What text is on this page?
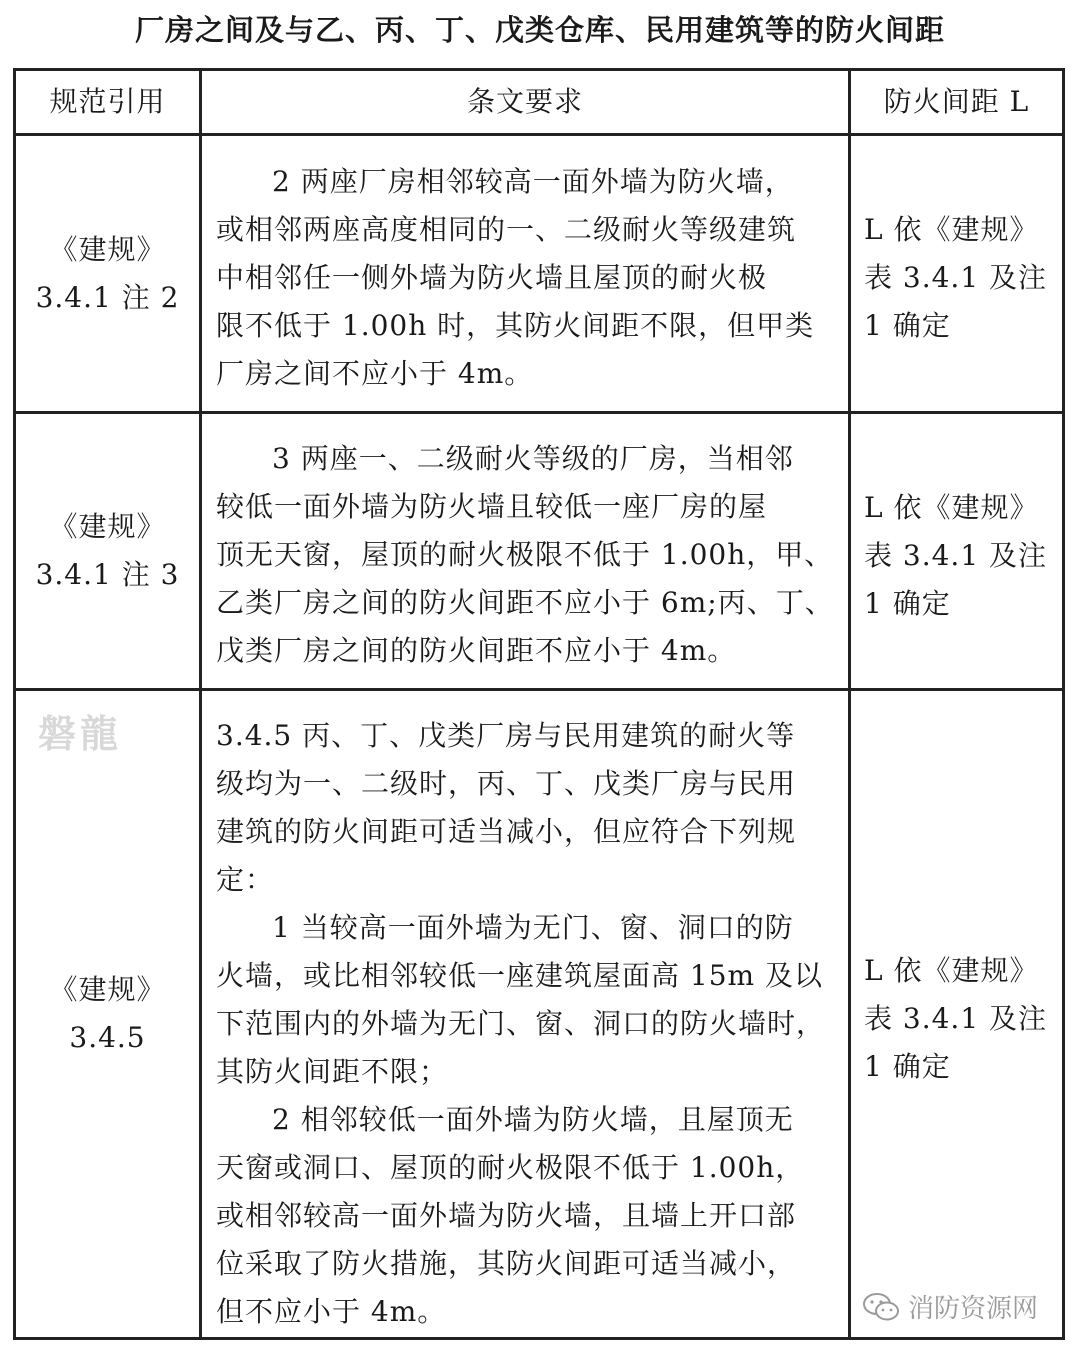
厂房之间及与乙、丙、丁、戊类仓库、民用建筑等的防火间距
规范引用	条文要求	防火间距 L
《建规》
3.4.1 注 2

2 两座厂房相邻较高一面外墙为防火墙，

或相邻两座高度相同的一、二级耐火等级建筑

中相邻任一侧外墙为防火墙且屋顶的耐火极

限不低于 1.00h 时，其防火间距不限，但甲类

厂房之间不应小于 4m。

L 依《建规》

表 3.4.1 及注

1 确定

《建规》
3.4.1 注 3

3 两座一、二级耐火等级的厂房，当相邻

较低一面外墙为防火墙且较低一座厂房的屋

顶无天窗，屋顶的耐火极限不低于 1.00h，甲、

乙类厂房之间的防火间距不应小于 6m;丙、丁、

戊类厂房之间的防火间距不应小于 4m。

L 依《建规》

表 3.4.1 及注

1 确定

《建规》
3.4.5

3.4.5 丙、丁、戊类厂房与民用建筑的耐火等

级均为一、二级时，丙、丁、戊类厂房与民用

建筑的防火间距可适当减小，但应符合下列规

定：

1 当较高一面外墙为无门、窗、洞口的防

火墙，或比相邻较低一座建筑屋面高 15m 及以

下范围内的外墙为无门、窗、洞口的防火墙时，

其防火间距不限；

2 相邻较低一面外墙为防火墙，且屋顶无

天窗或洞口、屋顶的耐火极限不低于 1.00h，

或相邻较高一面外墙为防火墙，且墙上开口部

位采取了防火措施，其防火间距可适当减小，

但不应小于 4m。

L 依《建规》

表 3.4.1 及注

1 确定

磐龍
消防资源网
